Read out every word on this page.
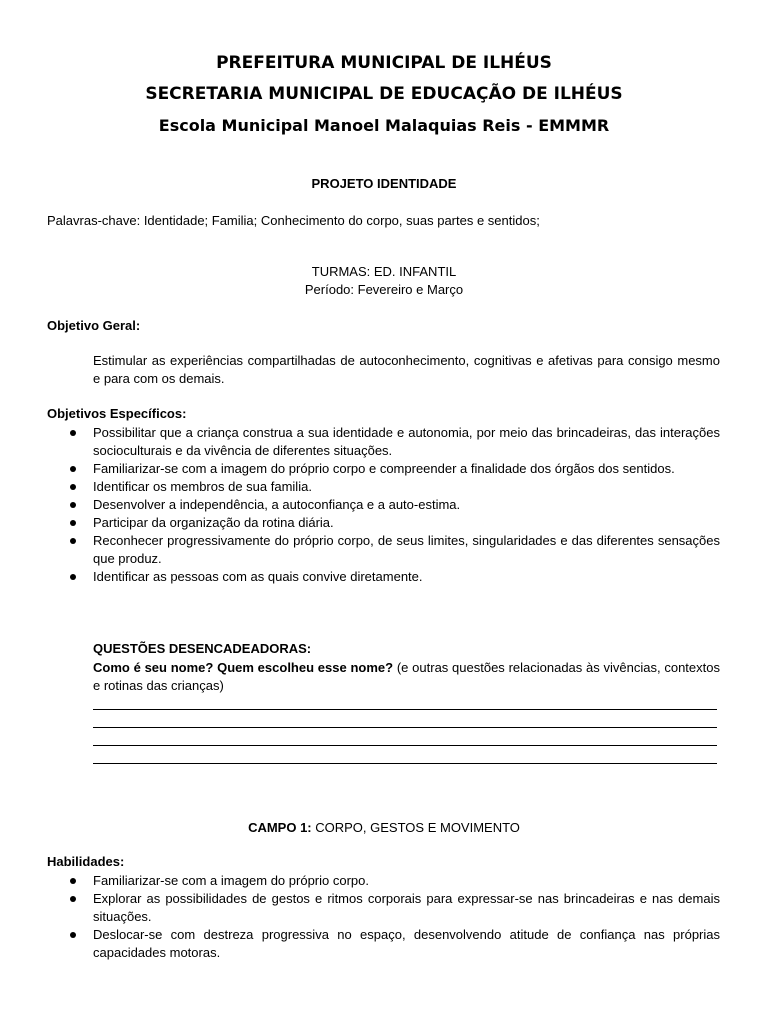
PREFEITURA MUNICIPAL DE ILHÉUS
SECRETARIA MUNICIPAL DE EDUCAÇÃO DE ILHÉUS
Escola Municipal Manoel Malaquias Reis - EMMMR
PROJETO IDENTIDADE
Palavras-chave: Identidade; Familia; Conhecimento do corpo, suas partes e sentidos;
TURMAS: ED. INFANTIL
Período: Fevereiro e Março
Objetivo Geral:
Estimular as experiências compartilhadas de autoconhecimento, cognitivas e afetivas para consigo mesmo e para com os demais.
Objetivos Específicos:
Possibilitar que a criança construa a sua identidade e autonomia, por meio das brincadeiras, das interações socioculturais e da vivência de diferentes situações.
Familiarizar-se com a imagem do próprio corpo e compreender a finalidade dos órgãos dos sentidos.
Identificar os membros de sua familia.
Desenvolver a independência, a autoconfiança e a auto-estima.
Participar da organização da rotina diária.
Reconhecer progressivamente do próprio corpo, de seus limites, singularidades e das diferentes sensações que produz.
Identificar as pessoas com as quais convive diretamente.
QUESTÕES DESENCADEADORAS:
Como é seu nome? Quem escolheu esse nome? (e outras questões relacionadas às vivências, contextos e rotinas das crianças)
CAMPO 1: CORPO, GESTOS E MOVIMENTO
Habilidades:
Familiarizar-se com a imagem do próprio corpo.
Explorar as possibilidades de gestos e ritmos corporais para expressar-se nas brincadeiras e nas demais situações.
Deslocar-se com destreza progressiva no espaço, desenvolvendo atitude de confiança nas próprias capacidades motoras.
